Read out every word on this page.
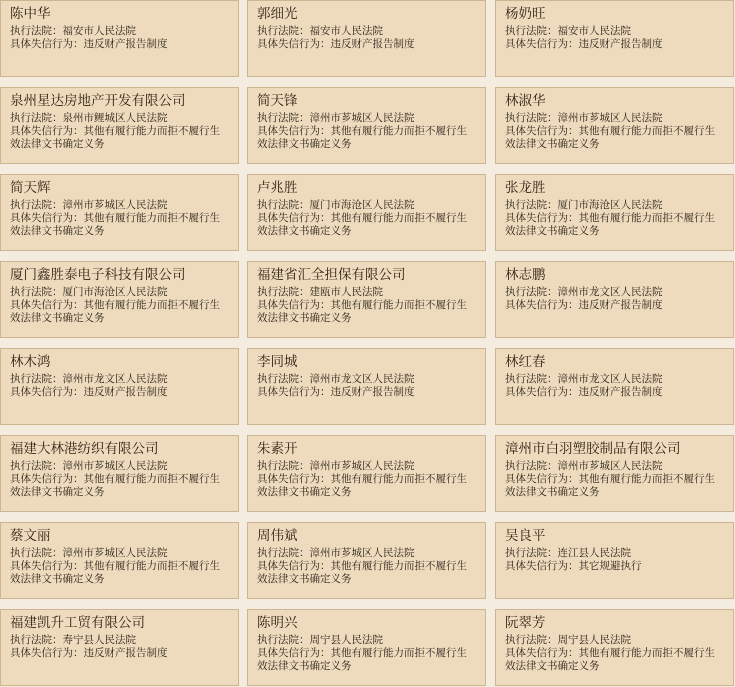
陈中华
执行法院：福安市人民法院
具体失信行为：违反财产报告制度
郭细光
执行法院：福安市人民法院
具体失信行为：违反财产报告制度
杨奶旺
执行法院：福安市人民法院
具体失信行为：违反财产报告制度
泉州星达房地产开发有限公司
执行法院：泉州市鲤城区人民法院
具体失信行为：其他有履行能力而拒不履行生效法律文书确定义务
简天锋
执行法院：漳州市芗城区人民法院
具体失信行为：其他有履行能力而拒不履行生效法律文书确定义务
林淑华
执行法院：漳州市芗城区人民法院
具体失信行为：其他有履行能力而拒不履行生效法律文书确定义务
简天辉
执行法院：漳州市芗城区人民法院
具体失信行为：其他有履行能力而拒不履行生效法律文书确定义务
卢兆胜
执行法院：厦门市海沧区人民法院
具体失信行为：其他有履行能力而拒不履行生效法律文书确定义务
张龙胜
执行法院：厦门市海沧区人民法院
具体失信行为：其他有履行能力而拒不履行生效法律文书确定义务
厦门鑫胜泰电子科技有限公司
执行法院：厦门市海沧区人民法院
具体失信行为：其他有履行能力而拒不履行生效法律文书确定义务
福建省汇全担保有限公司
执行法院：建瓯市人民法院
具体失信行为：其他有履行能力而拒不履行生效法律文书确定义务
林志鹏
执行法院：漳州市龙文区人民法院
具体失信行为：违反财产报告制度
林木鸿
执行法院：漳州市龙文区人民法院
具体失信行为：违反财产报告制度
李同城
执行法院：漳州市龙文区人民法院
具体失信行为：违反财产报告制度
林红春
执行法院：漳州市龙文区人民法院
具体失信行为：违反财产报告制度
福建大林港纺织有限公司
执行法院：漳州市芗城区人民法院
具体失信行为：其他有履行能力而拒不履行生效法律文书确定义务
朱素开
执行法院：漳州市芗城区人民法院
具体失信行为：其他有履行能力而拒不履行生效法律文书确定义务
漳州市白羽塑胶制品有限公司
执行法院：漳州市芗城区人民法院
具体失信行为：其他有履行能力而拒不履行生效法律文书确定义务
蔡文丽
执行法院：漳州市芗城区人民法院
具体失信行为：其他有履行能力而拒不履行生效法律文书确定义务
周伟斌
执行法院：漳州市芗城区人民法院
具体失信行为：其他有履行能力而拒不履行生效法律文书确定义务
吴良平
执行法院：连江县人民法院
具体失信行为：其它规避执行
福建凯升工贸有限公司
执行法院：寿宁县人民法院
具体失信行为：违反财产报告制度
陈明兴
执行法院：周宁县人民法院
具体失信行为：其他有履行能力而拒不履行生效法律文书确定义务
阮翠芳
执行法院：周宁县人民法院
具体失信行为：其他有履行能力而拒不履行生效法律文书确定义务
